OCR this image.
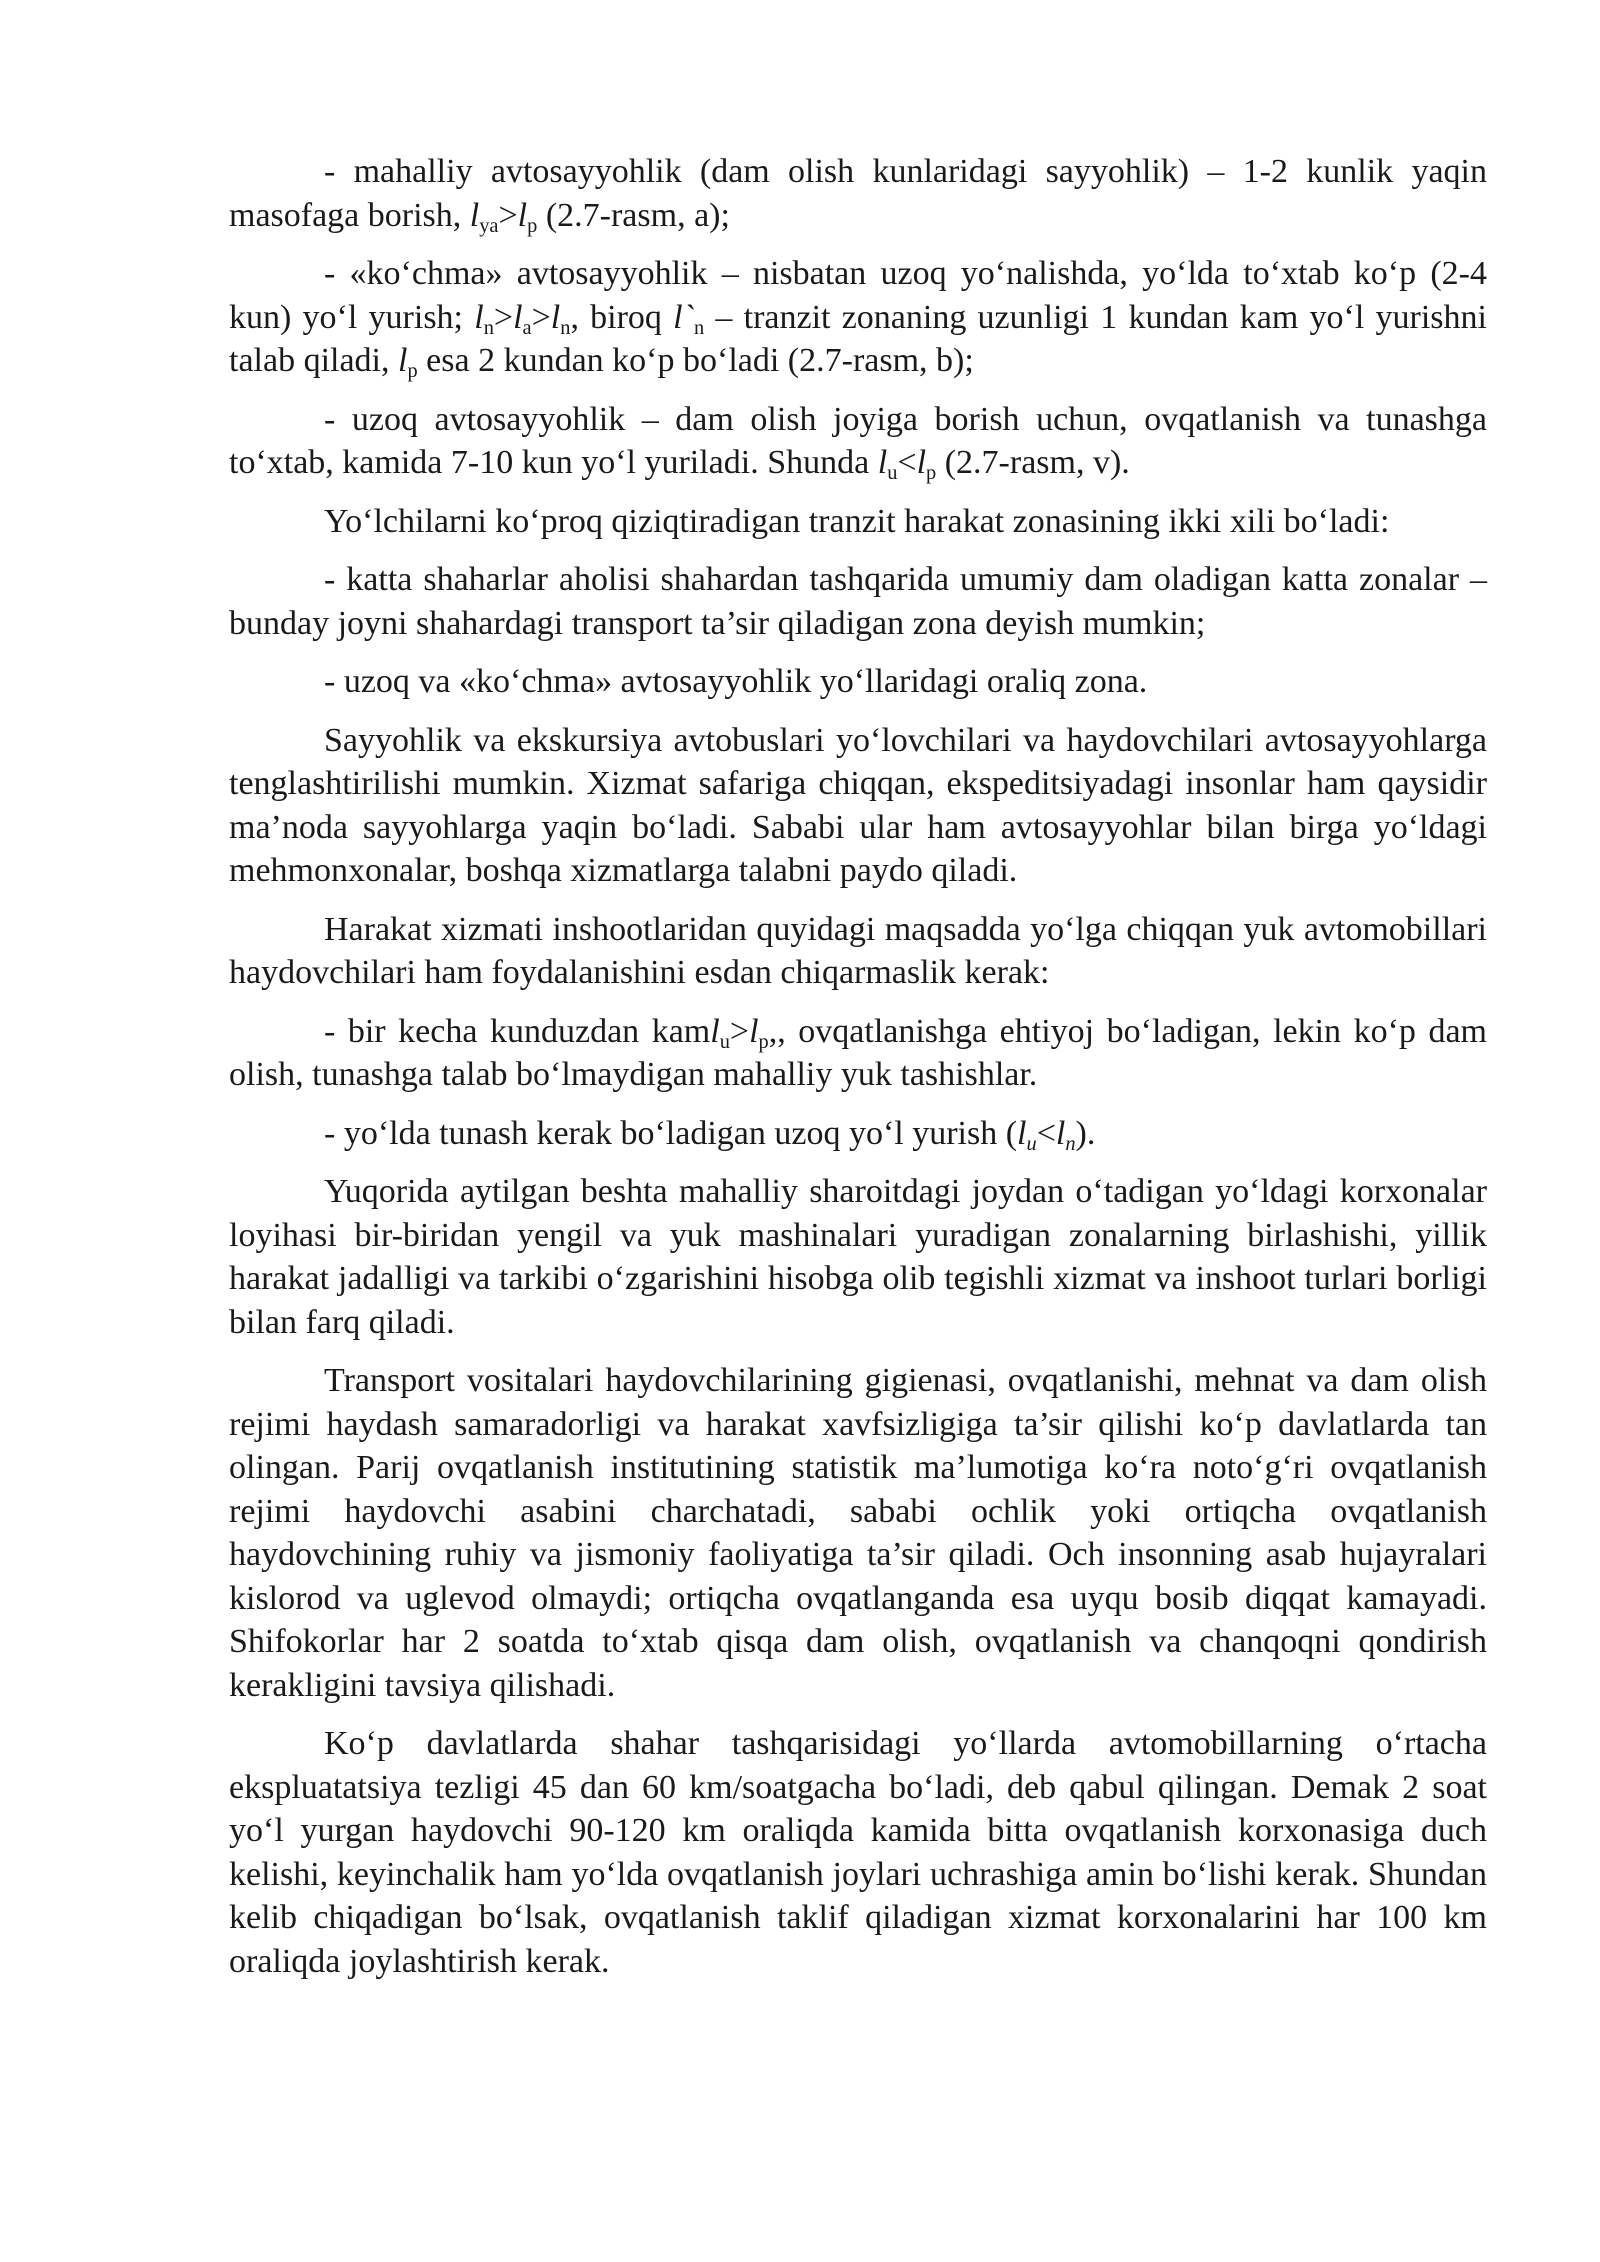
- mahalliy avtosayyohlik (dam olish kunlaridagi sayyohlik) – 1-2 kunlik yaqin masofaga borish, $l_{ya}>l_p$ (2.7-rasm, a);

- «ko‘chma» avtosayyohlik – nisbatan uzoq yo‘nalishda, yo‘lda to‘xtab ko‘p (2-4 kun) yo‘l yurish; $l_n>l_a>l_n$, biroq $l`_n$ – tranzit zonaning uzunligi 1 kundan kam yo‘l yurishni talab qiladi, $l_p$ esa 2 kundan ko‘p bo‘ladi (2.7-rasm, b);

- uzoq avtosayyohlik – dam olish joyiga borish uchun, ovqatlanish va tunashga to‘xtab, kamida 7-10 kun yo‘l yuriladi. Shunda $l_u<l_p$ (2.7-rasm, v).

Yo‘lchilarni ko‘proq qiziqtiradigan tranzit harakat zonasining ikki xili bo‘ladi:

- katta shaharlar aholisi shahardan tashqarida umumiy dam oladigan katta zonalar –bunday joyni shahardagi transport ta’sir qiladigan zona deyish mumkin;

- uzoq va «ko‘chma» avtosayyohlik yo‘llaridagi oraliq zona.

Sayyohlik va ekskursiya avtobuslari yo‘lovchilari va haydovchilari avtosayyohlarga tenglashtirilishi mumkin. Xizmat safariga chiqqan, ekspeditsiyadagi insonlar ham qaysidir ma’noda sayyohlarga yaqin bo‘ladi. Sababi ular ham avtosayyohlar bilan birga yo‘ldagi mehmonxonalar, boshqa xizmatlarga talabni paydo qiladi.

Harakat xizmati inshootlaridan quyidagi maqsadda yo‘lga chiqqan yuk avtomobillari haydovchilari ham foydalanishini esdan chiqarmaslik kerak:

- bir kecha kunduzdan $kaml_u>l_p$,, ovqatlanishga ehtiyoj bo‘ladigan, lekin ko‘p dam olish, tunashga talab bo‘lmaydigan mahalliy yuk tashishlar.

- yo‘lda tunash kerak bo‘ladigan uzoq yo‘l yurish $(l_u<l_n)$.

Yuqorida aytilgan beshta mahalliy sharoitdagi joydan o‘tadigan yo‘ldagi korxonalar loyihasi bir-biridan yengil va yuk mashinalari yuradigan zonalarning birlashishi, yillik harakat jadalligi va tarkibi o‘zgarishini hisobga olib tegishli xizmat va inshoot turlari borligi bilan farq qiladi.

Transport vositalari haydovchilarining gigienasi, ovqatlanishi, mehnat va dam olish rejimi haydash samaradorligi va harakat xavfsizligiga ta’sir qilishi ko‘p davlatlarda tan olingan. Parij ovqatlanish institutining statistik ma’lumotiga ko‘ra noto‘g‘ri ovqatlanish rejimi haydovchi asabini charchatadi, sababi ochlik yoki ortiqcha ovqatlanish haydovchining ruhiy va jismoniy faoliyatiga ta’sir qiladi. Och insonning asab hujayralari kislorod va uglevod olmaydi; ortiqcha ovqatlanganda esa uyqu bosib diqqat kamayadi. Shifokorlar har 2 soatda to‘xtab qisqa dam olish, ovqatlanish va chanqoqni qondirish kerakligini tavsiya qilishadi.

Ko‘p davlatlarda shahar tashqarisidagi yo‘llarda avtomobillarning o‘rtacha ekspluatatsiya tezligi 45 dan 60 km/soatgacha bo‘ladi, deb qabul qilingan. Demak 2 soat yo‘l yurgan haydovchi 90-120 km oraliqda kamida bitta ovqatlanish korxonasiga duch kelishi, keyinchalik ham yo‘lda ovqatlanish joylari uchrashiga amin bo‘lishi kerak. Shundan kelib chiqadigan bo‘lsak, ovqatlanish taklif qiladigan xizmat korxonalarini har 100 km oraliqda joylashtirish kerak.
